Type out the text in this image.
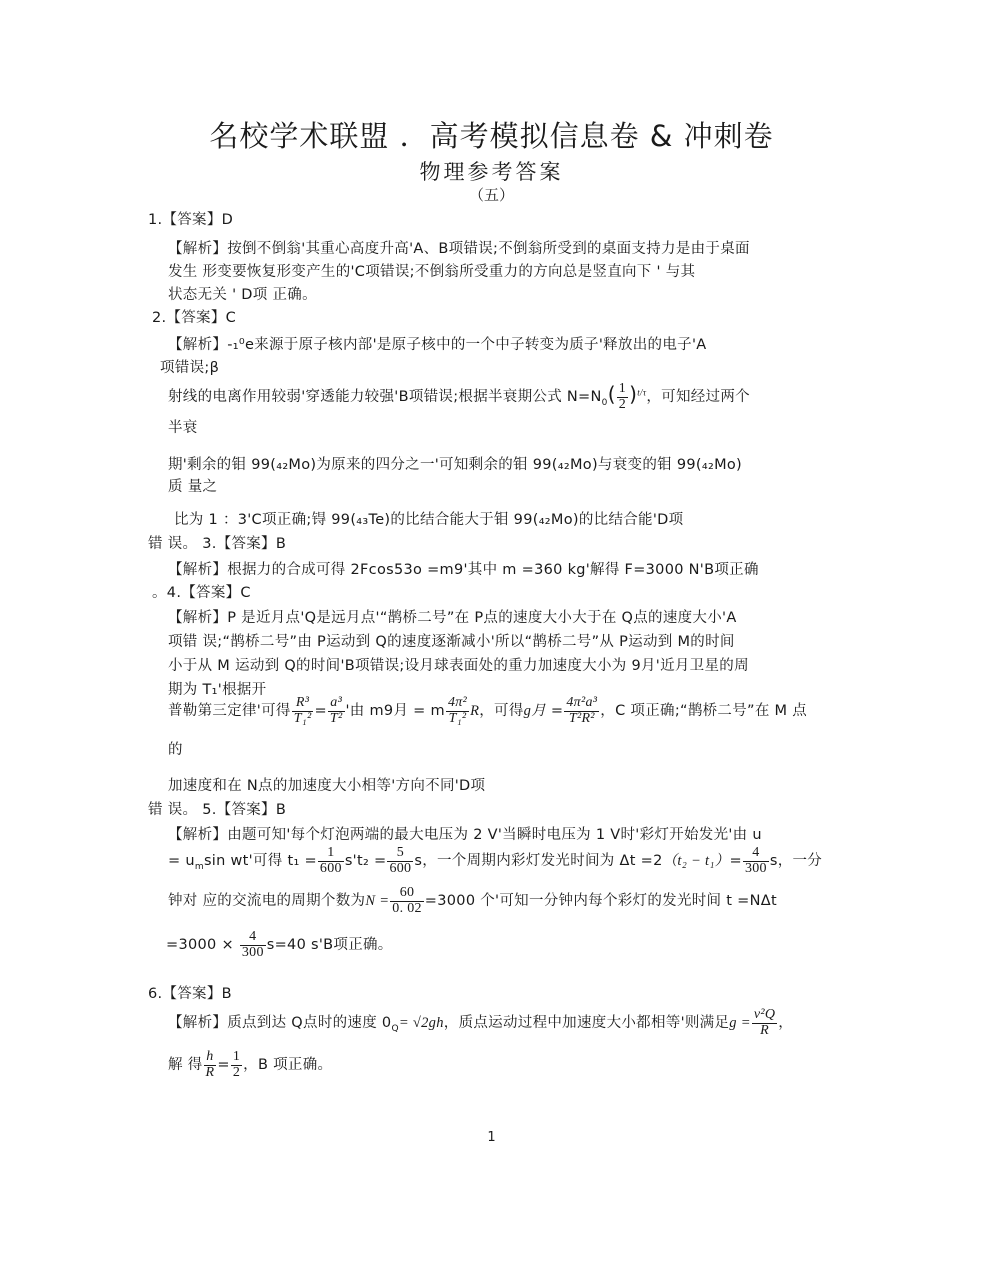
名校学术联盟 ．高考模拟信息卷 & 冲刺卷
物理参考答案
（五）
1.【答案】D
【解析】按倒不倒翁'其重心高度升高'A、B项错误;不倒翁所受到的桌面支持力是由于桌面
发生 形变要恢复形变产生的'C项错误;不倒翁所受重力的方向总是竖直向下 ' 与其
状态无关 ' D项 正确。
2.【答案】C
【解析】-₁⁰e来源于原子核内部'是原子核中的一个中子转变为质子'释放出的电子'A
项错误;β
射线的电离作用较弱'穿透能力较强'B项错误;根据半衰期公式 $N=N_0( \frac{1}{2} )^{t/\tau}$，可知经过两个
半衰
期'剩余的钼 99(₄₂Mo)为原来的四分之一'可知剩余的钼 99(₄₂Mo)与衰变的钼 99(₄₂Mo)
质 量之
比为 1 ：3'C项正确;锝 99(₄₃Te)的比结合能大于钼 99(₄₂Mo)的比结合能'D项
错 误。 3.【答案】B
【解析】根据力的合成可得 2Fcos53o =m9'其中 m =360 kg'解得 F=3000 N'B项正确
。4.【答案】C
【解析】P 是近月点'Q是远月点'“鹊桥二号”在 P点的速度大小大于在 Q点的速度大小'A
项错 误;“鹊桥二号”由 P运动到 Q的速度逐渐减小'所以“鹊桥二号”从 P运动到 M的时间
小于从 M 运动到 Q的时间'B项错误;设月球表面处的重力加速度大小为 9月'近月卫星的周
期为 T₁'根据开
普勒第三定律'可得 $\frac{\text{R³}}{\text{T₁²}} = \frac{\text{a³}}{\text{T²}}$ '由 m9月 = m $\frac{\text{4π²}}{\text{T₁²}}$ R，可得g月 = $\frac{\text{4π²a³}}{\text{T²R²}}$ ，C 项正确;“鹊桥二号”在 M 点
的
加速度和在 N点的加速度大小相等'方向不同'D项
错 误。 5.【答案】B
【解析】由题可知'每个灯泡两端的最大电压为 2 V'当瞬时电压为 1 V时'彩灯开始发光'由 u
= $u_m\sin$ wt'可得 $t_1 = \frac{1}{600} s't_2 = \frac{5}{600}$ s，一个周期内彩灯发光时间为 $\Delta t =2(t_2 - t_1)= \frac{4}{300}$ s，一分
钟对 应的交流电的周期个数为$N = \frac{60}{0. 02} =3000$ 个'可知一分钟内每个彩灯的发光时间 t =NΔt
$=3000 \times \frac{4}{300} s=40$ s'B项正确。
6.【答案】B
【解析】质点到达 Q点时的速度 $0_Q= √2gh$，质点运动过程中加速度大小都相等'则满足$g = \frac{\text{v²Q}}{R}$ ，
解 得 $\frac{h}{R} = \frac{1}{2}$ ，B 项正确。
1
